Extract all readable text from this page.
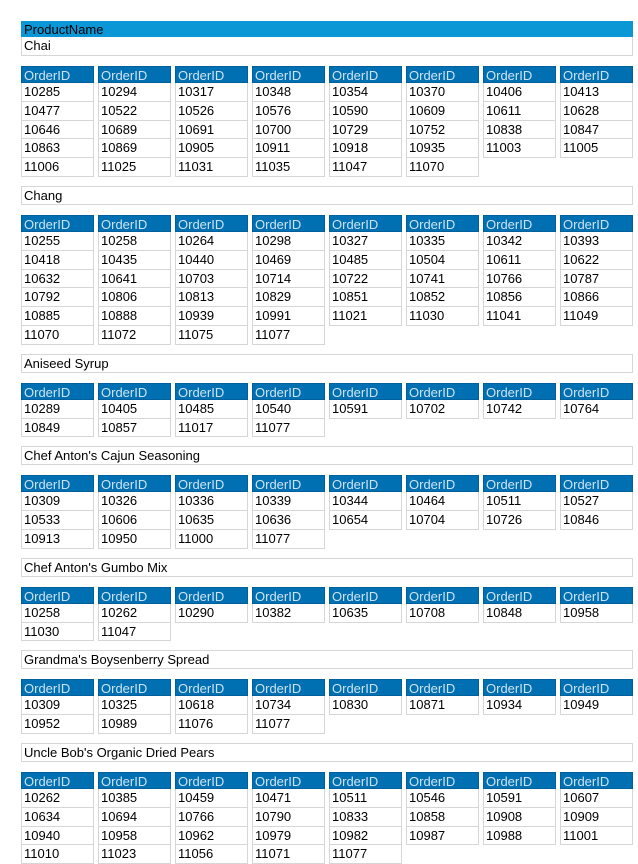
ProductName
Chai
OrderID
10285
10477
10646
10863
11006
OrderID
10294
10522
10689
10869
11025
OrderID
10317
10526
10691
10905
11031
OrderID
10348
10576
10700
10911
11035
OrderID
10354
10590
10729
10918
11047
OrderID
10370
10609
10752
10935
11070
OrderID
10406
10611
10838
11003
OrderID
10413
10628
10847
11005
Chang
OrderID
10255
10418
10632
10792
10885
11070
OrderID
10258
10435
10641
10806
10888
11072
OrderID
10264
10440
10703
10813
10939
11075
OrderID
10298
10469
10714
10829
10991
11077
OrderID
10327
10485
10722
10851
11021
OrderID
10335
10504
10741
10852
11030
OrderID
10342
10611
10766
10856
11041
OrderID
10393
10622
10787
10866
11049
Aniseed Syrup
OrderID
10289
10849
OrderID
10405
10857
OrderID
10485
11017
OrderID
10540
11077
OrderID
10591
OrderID
10702
OrderID
10742
OrderID
10764
Chef Anton's Cajun Seasoning
OrderID
10309
10533
10913
OrderID
10326
10606
10950
OrderID
10336
10635
11000
OrderID
10339
10636
11077
OrderID
10344
10654
OrderID
10464
10704
OrderID
10511
10726
OrderID
10527
10846
Chef Anton's Gumbo Mix
OrderID
10258
11030
OrderID
10262
11047
OrderID
10290
OrderID
10382
OrderID
10635
OrderID
10708
OrderID
10848
OrderID
10958
Grandma's Boysenberry Spread
OrderID
10309
10952
OrderID
10325
10989
OrderID
10618
11076
OrderID
10734
11077
OrderID
10830
OrderID
10871
OrderID
10934
OrderID
10949
Uncle Bob's Organic Dried Pears
OrderID
10262
10634
10940
11010
OrderID
10385
10694
10958
11023
OrderID
10459
10766
10962
11056
OrderID
10471
10790
10979
11071
OrderID
10511
10833
10982
11077
OrderID
10546
10858
10987
OrderID
10591
10908
10988
OrderID
10607
10909
11001
